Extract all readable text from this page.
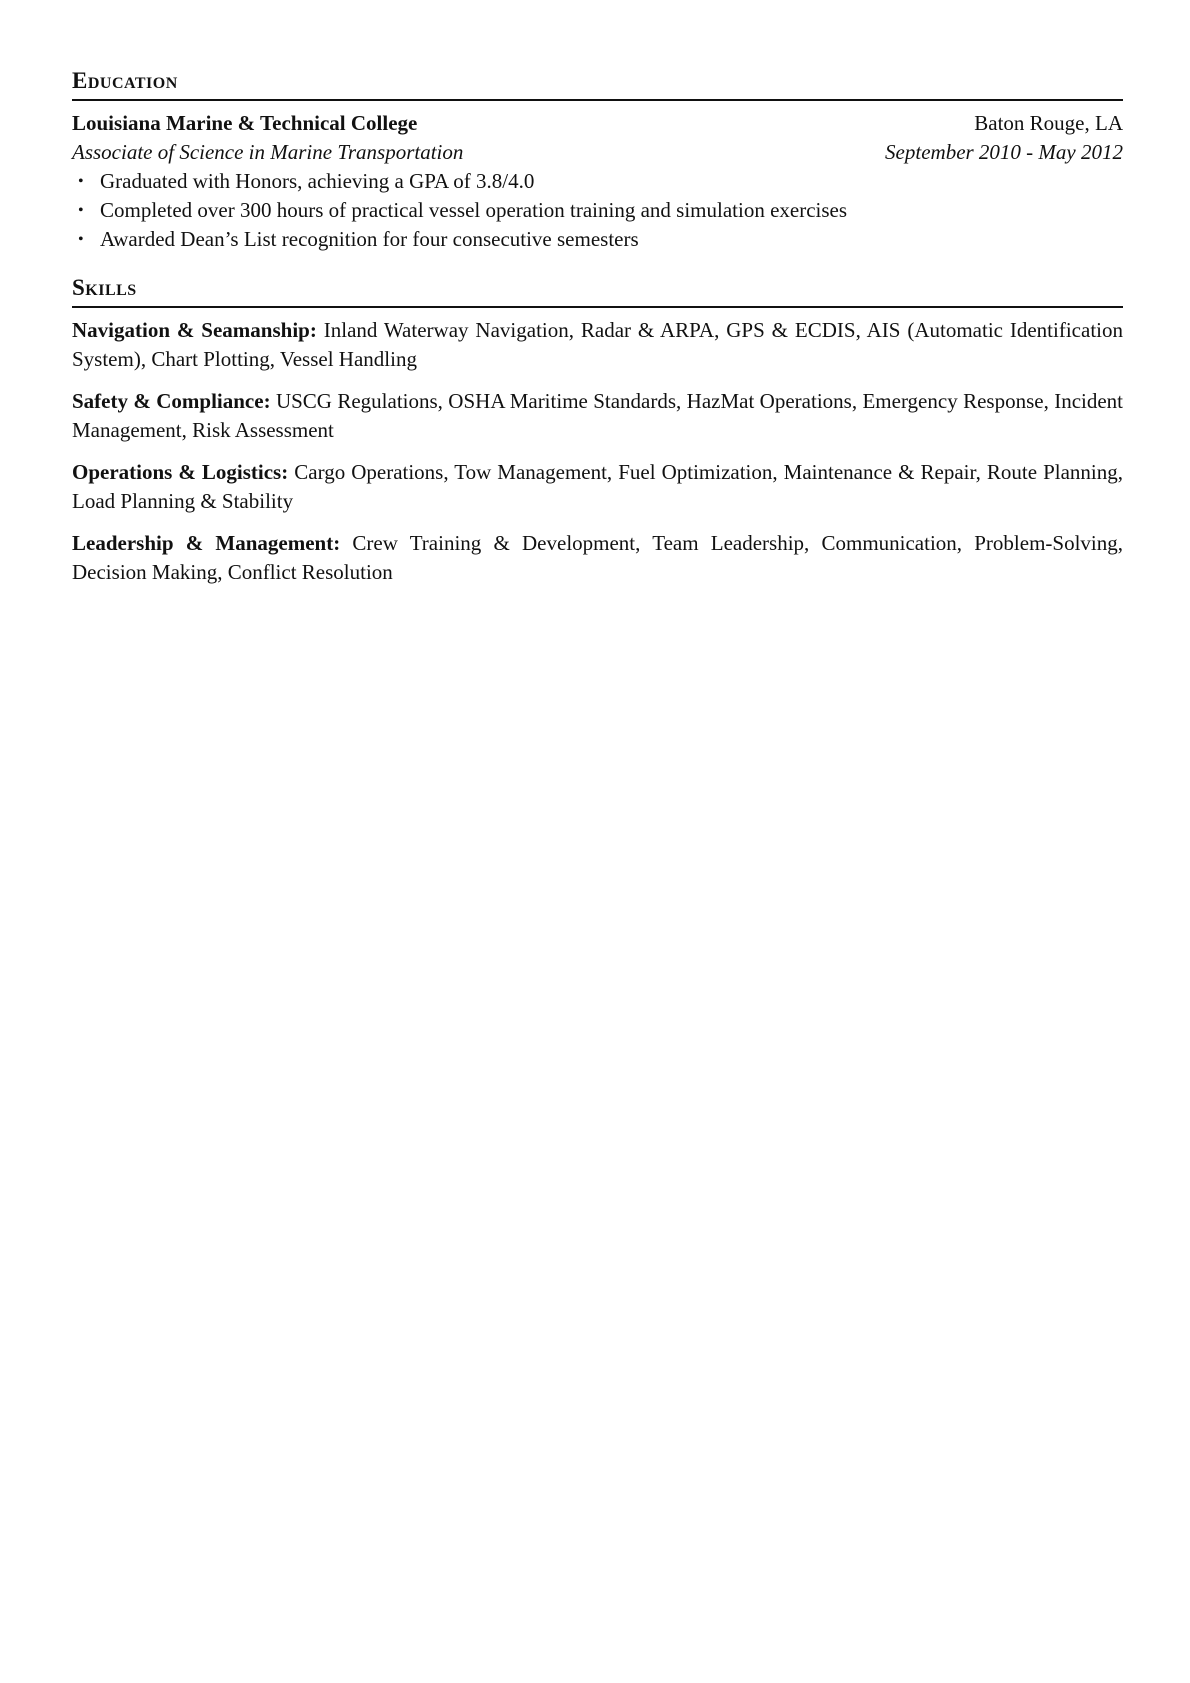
Education
Louisiana Marine & Technical College	Baton Rouge, LA
Associate of Science in Marine Transportation	September 2010 - May 2012
• Graduated with Honors, achieving a GPA of 3.8/4.0
• Completed over 300 hours of practical vessel operation training and simulation exercises
• Awarded Dean’s List recognition for four consecutive semesters
Skills
Navigation & Seamanship: Inland Waterway Navigation, Radar & ARPA, GPS & ECDIS, AIS (Automatic Identification System), Chart Plotting, Vessel Handling
Safety & Compliance: USCG Regulations, OSHA Maritime Standards, HazMat Operations, Emergency Response, Incident Management, Risk Assessment
Operations & Logistics: Cargo Operations, Tow Management, Fuel Optimization, Maintenance & Repair, Route Planning, Load Planning & Stability
Leadership & Management: Crew Training & Development, Team Leadership, Communication, Problem-Solving, Decision Making, Conflict Resolution
